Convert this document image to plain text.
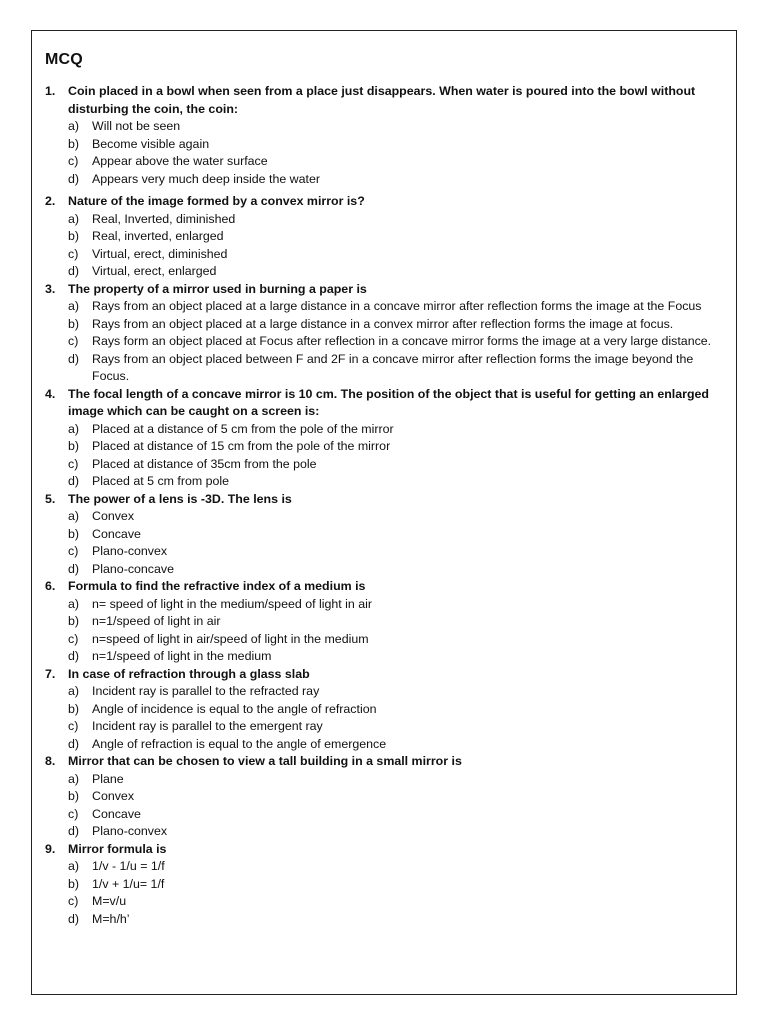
MCQ
1.	Coin placed in a bowl when seen from a place just disappears. When water is poured into the bowl without disturbing the coin, the coin:
a)	Will not be seen
b)	Become visible again
c)	Appear above the water surface
d)	Appears very much deep inside the water
2.	Nature of the image formed by a convex mirror is?
a)	Real, Inverted, diminished
b)	Real, inverted, enlarged
c)	Virtual, erect, diminished
d)	Virtual, erect, enlarged
3.	The property of a mirror used in burning a paper is
a)	Rays from an object placed at a large distance in a concave mirror after reflection forms the image at the Focus
b)	Rays from an object placed at a large distance in a convex mirror after reflection forms the image at focus.
c)	Rays form an object placed at Focus after reflection in a concave mirror forms the image at a very large distance.
d)	Rays from an object placed between F and 2F in a concave mirror after reflection forms the image beyond the Focus.
4.	The focal length of a concave mirror is 10 cm. The position of the object that is useful for getting an enlarged image which can be caught on a screen is:
a)	Placed at a distance of 5 cm from the pole of the mirror
b)	Placed at distance of 15 cm from the pole of the mirror
c)	Placed at distance of 35cm from the pole
d)	Placed at 5 cm from pole
5.	The power of a lens is -3D. The lens is
a)	Convex
b)	Concave
c)	Plano-convex
d)	Plano-concave
6.	Formula to find the refractive index of a medium is
a)	n= speed of light in the medium/speed of light in air
b)	n=1/speed of light in air
c)	n=speed of light in air/speed of light in the medium
d)	n=1/speed of light in the medium
7.	In case of refraction through a glass slab
a)	Incident ray is parallel to the refracted ray
b)	Angle of incidence is equal to the angle of refraction
c)	Incident ray is parallel to the emergent ray
d)	Angle of refraction is equal to the angle of emergence
8.	Mirror that can be chosen to view a tall building in a small mirror is
a)	Plane
b)	Convex
c)	Concave
d)	Plano-convex
9.	Mirror formula is
a)	1/v - 1/u = 1/f
b)	1/v + 1/u= 1/f
c)	M=v/u
d)	M=h/h’
